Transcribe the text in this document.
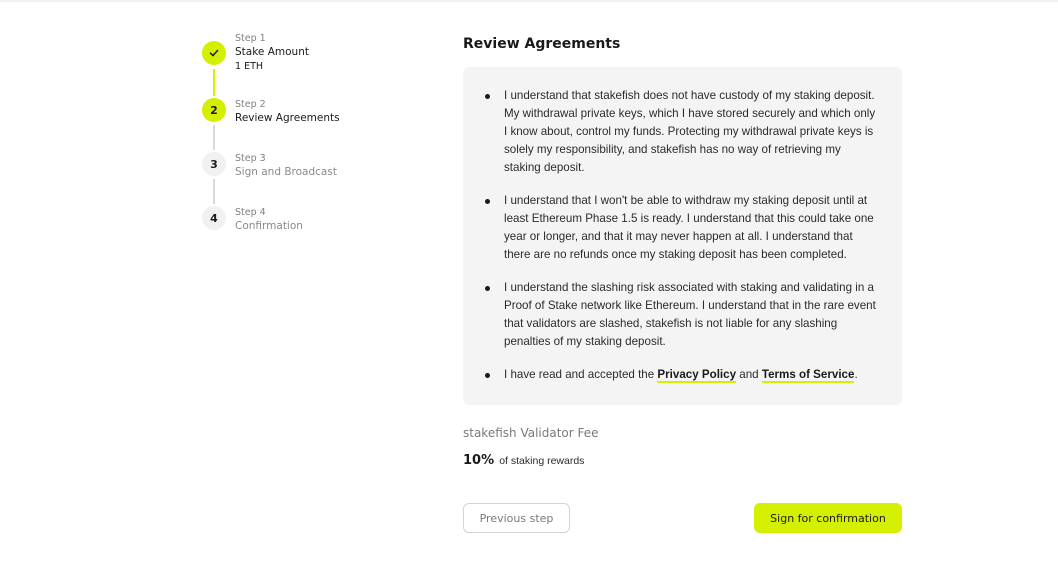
Step 1
Stake Amount
1 ETH
2	Step 2
Review Agreements
3	Step 3
Sign and Broadcast
4	Step 4
Confirmation
Review Agreements
I understand that stakefish does not have custody of my staking deposit. My withdrawal private keys, which I have stored securely and which only I know about, control my funds. Protecting my withdrawal private keys is solely my responsibility, and stakefish has no way of retrieving my staking deposit.
I understand that I won't be able to withdraw my staking deposit until at least Ethereum Phase 1.5 is ready. I understand that this could take one year or longer, and that it may never happen at all. I understand that there are no refunds once my staking deposit has been completed.
I understand the slashing risk associated with staking and validating in a Proof of Stake network like Ethereum. I understand that in the rare event that validators are slashed, stakefish is not liable for any slashing penalties of my staking deposit.
I have read and accepted the Privacy Policy and Terms of Service.
stakefish Validator Fee
10% of staking rewards
Previous step	Sign for confirmation
